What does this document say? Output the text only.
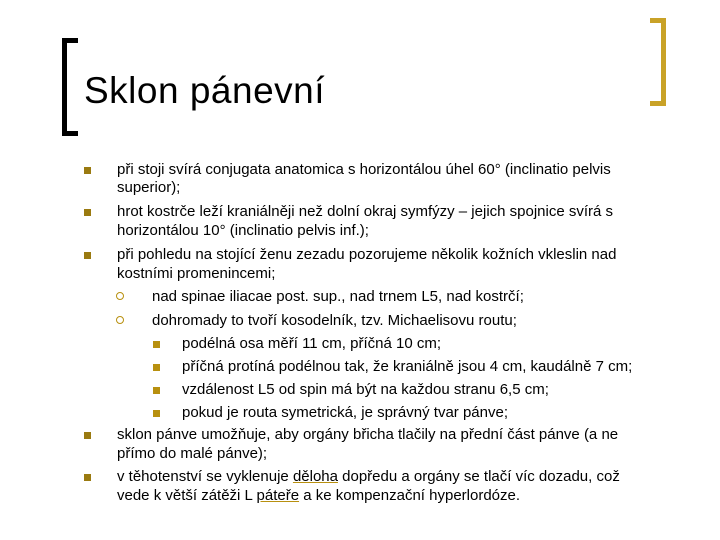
Sklon pánevní
při stoji svírá conjugata anatomica s horizontálou úhel 60° (inclinatio pelvis
superior);
hrot kostrče leží kraniálněji než dolní okraj symfýzy – jejich spojnice svírá s
horizontálou 10° (inclinatio pelvis inf.);
při pohledu na stojící ženu zezadu pozorujeme několik kožních vkleslin nad
kostními promenincemi;
nad spinae iliacae post. sup., nad trnem L5, nad kostrčí;
dohromady to tvoří kosodelník, tzv. Michaelisovu routu;
podélná osa měří 11 cm, příčná 10 cm;
příčná protíná podélnou tak, že kraniálně jsou 4 cm, kaudálně 7 cm;
vzdálenost L5 od spin má být na každou stranu 6,5 cm;
pokud je routa symetrická, je správný tvar pánve;
sklon pánve umožňuje, aby orgány břicha tlačily na přední část pánve (a ne
přímo do malé pánve);
v těhotenství se vyklenuje děloha dopředu a orgány se tlačí víc dozadu, což
vede k větší zátěži L páteře a ke kompenzační hyperlordóze.
